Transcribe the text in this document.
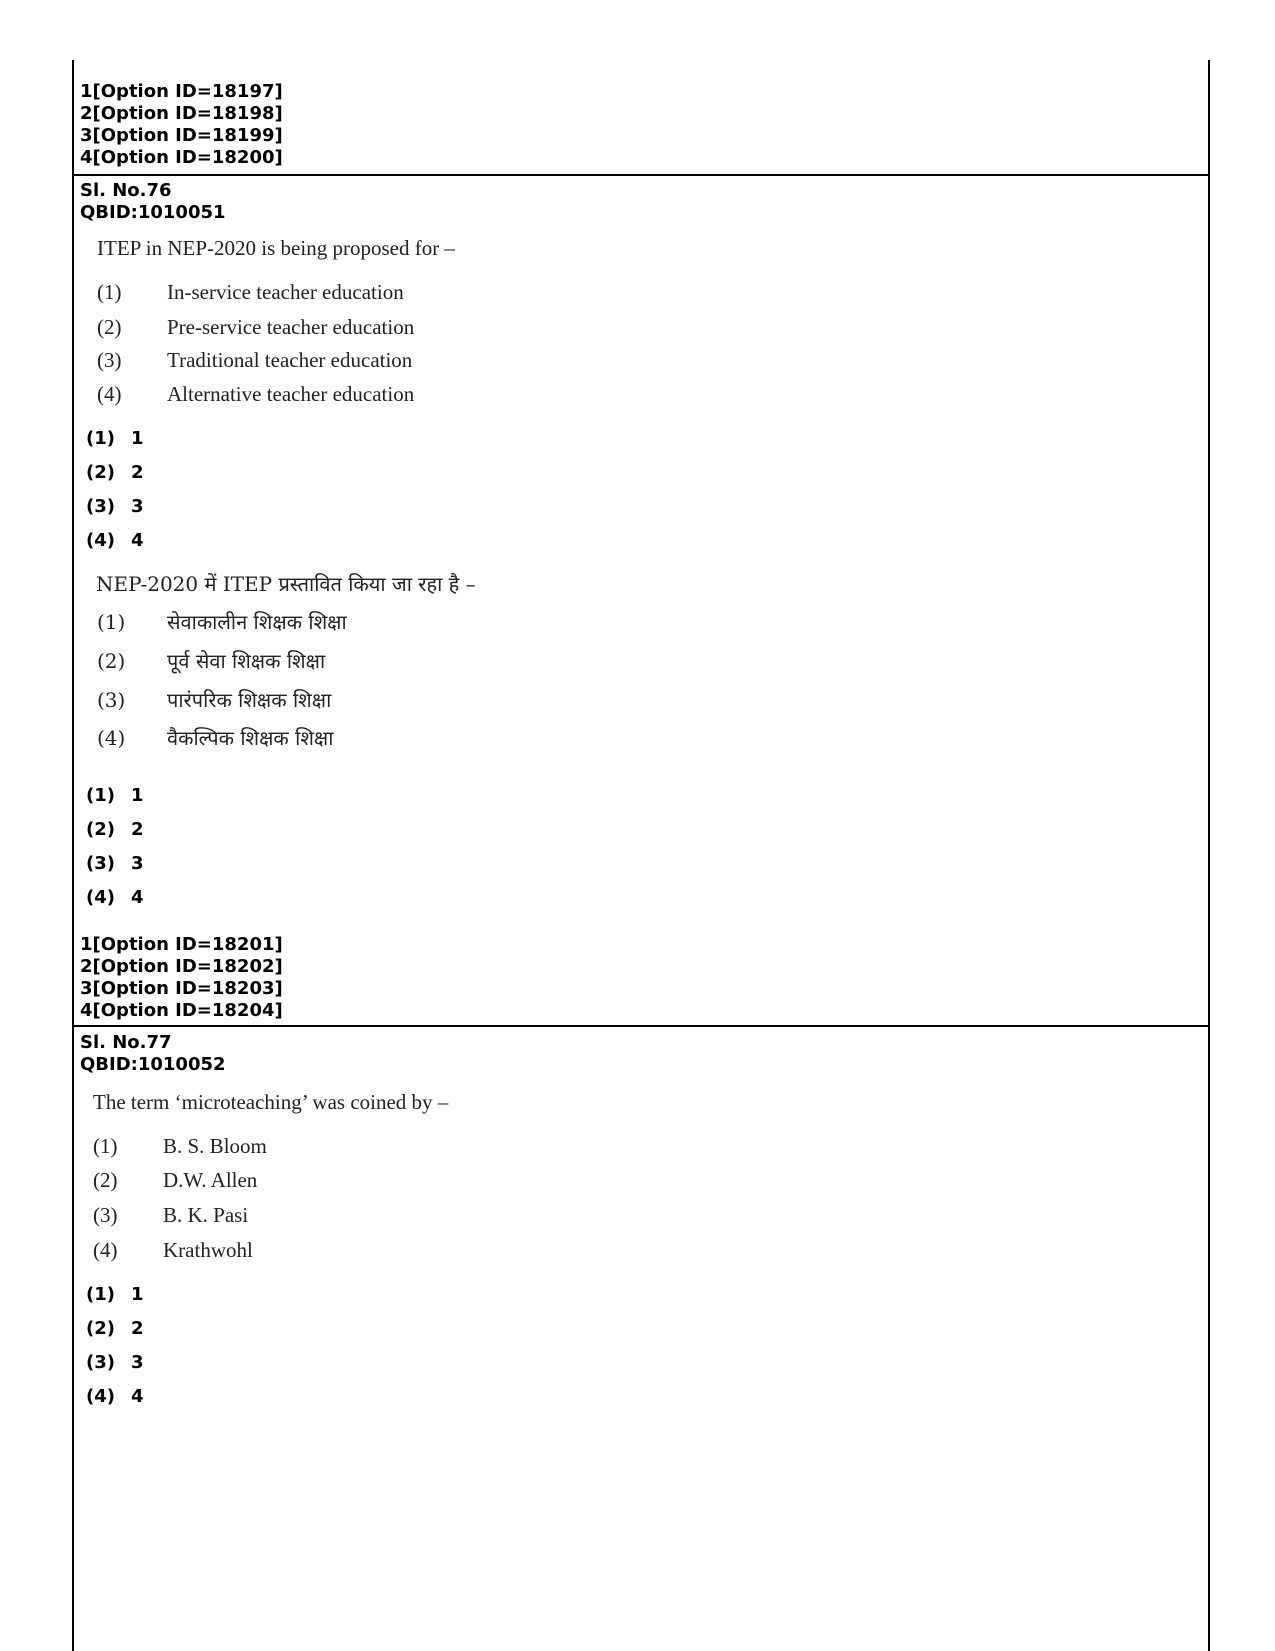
1[Option ID=18197]
2[Option ID=18198]
3[Option ID=18199]
4[Option ID=18200]
Sl. No.76
QBID:1010051
ITEP in NEP-2020 is being proposed for –
(1) In-service teacher education
(2) Pre-service teacher education
(3) Traditional teacher education
(4) Alternative teacher education
(1) 1
(2) 2
(3) 3
(4) 4
NEP-2020 में ITEP प्रस्तावित किया जा रहा है –
(1) सेवाकालीन शिक्षक शिक्षा
(2) पूर्व सेवा शिक्षक शिक्षा
(3) पारंपरिक शिक्षक शिक्षा
(4) वैकल्पिक शिक्षक शिक्षा
(1) 1
(2) 2
(3) 3
(4) 4
1[Option ID=18201]
2[Option ID=18202]
3[Option ID=18203]
4[Option ID=18204]
Sl. No.77
QBID:1010052
The term ‘microteaching’ was coined by –
(1) B. S. Bloom
(2) D.W. Allen
(3) B. K. Pasi
(4) Krathwohl
(1) 1
(2) 2
(3) 3
(4) 4
